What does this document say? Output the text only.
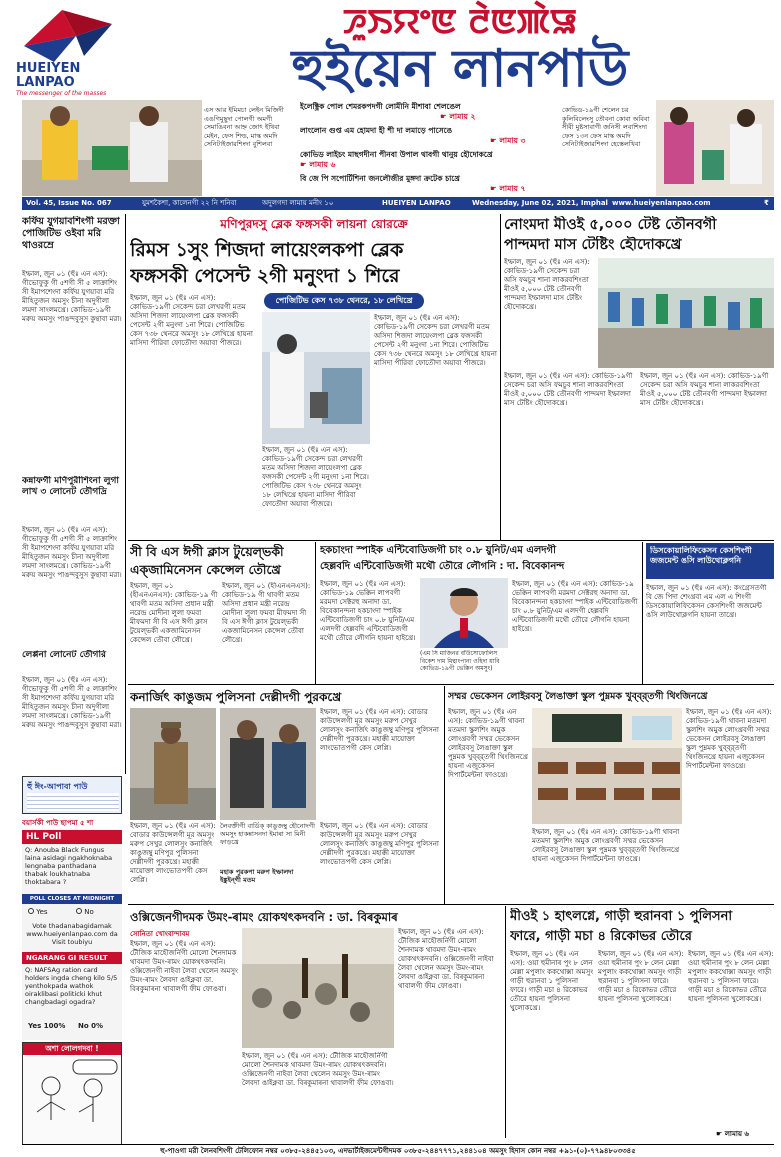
HUEIYEN LANPAO
The messenger of the masses
ꯍꯨꯏꯌꯦꯟ ꯂꯥꯟꯄꯥꯎ
হুইয়েন লানপাউ
এস আর ইমিমচা লেইন মিজিদী এঙগিমুছুদা পোলগী অমগী সেমাঙিবনা আহ্ন জোৎ ইথিবা মেইন, ফেস শিল্ড, মাস্ক অমদি সেনিটাইজারশিংদা বুশিলবা
ইলেক্ট্রিক পোল শেমরকপদগী লোমীনি মীশাবা শেলঙেল
☛ লামায় ২
লাংলোন গুপ্ত এম হোমদা হী শী দা লমাড়ে পাসেঙে
☛ লামায় ৩
কোভিড লাইচং মাছগদীনা পীনবা উপাল থাবগী থানুয় হৌদোকখ্রে
☛ লামায় ৬
বি জে পি সপোর্টিশিনা জনলৌজীর মুঙ্গদা ক্রটেক চাখ্ৰে
☛ লামায় ৭
কোভিড-১৯গী শেলেন চর কুলিবিলেংসু তৌবনা কোবা অবিবা সীবী মুষ্টসাবাগী জনিসী লবাশিংদা ফেস ১৩ন ফেস মাস্ক অমদি সেনিটাইজারশিংদা হেস্তেলখিবা
Vol. 45, Issue No. 067	যুমশকৈশা, কালেনগী ২২ নি শনিবা	অদুলগদা লামায় মনীং ১০	HUEIYEN LANPAO	Wednesday, June 02, 2021, Imphal www.hueiyenlanpao.com	₹ 4.50
কর্ফিয় যুগয়াবশিংগী মরক্তা পোজিটিভ ওইবা মরি থাওরম্রে
ইম্ফাল, জুন ০১ (হুঁঃ এন এস): গীভোফুকু গী ৫শগী সী ৫ লাক্রাশিং সী ইমাপশেংদা কর্ফিয় যুগয়াবা মরি মীহিতুজন অমসুং চীনা অদুগীলা লমদা সাংলমখ্রে। কোভিড-১৯গী মরুয় অমসুং পাঙন্দবুসুস কুন্থাবা মরা।
কন্নাফগী মণিপুরীশিংনা লুগা লাখ ৩ লোনেট তৌগদ্রি
ইম্ফাল, জুন ০১ (হুঁঃ এন এস): গীভোফুকু গী ৫শগী সী ৫ লাক্রাশিং সী ইমাপশেংদা কর্ফিয় যুগয়াবা মরি মীহিতুজন অমসুং চীনা অদুগীলা লমদা সাংলমখ্রে। কোভিড-১৯গী মরুয় অমসুং পাঙন্দবুসুস কুন্থাবা মরা।
লেপ্পনা লোনেট তৌগরি
ইম্ফাল, জুন ০১ (হুঁঃ এন এস): গীভোফুকু গী ৫শগী সী ৫ লাক্রাশিং সী ইমাপশেংদা কর্ফিয় যুগয়াবা মরি মীহিতুজন অমসুং চীনা অদুগীলা লমদা সাংলমখ্রে। কোভিড-১৯গী মরুয় অমসুং পাঙন্দবুসুস কুন্থাবা মরা।
হুঁ ঈং-আপাবা পাউ
বয়াৰ্সকী পাউ ছাপমা ৫ শা
HL Poll
Q: Anouba Black Fungus laina asidagi ngakhoknaba lengnaba panthadana thabak loukhatnaba thoktabara ?
POLL CLOSES AT MIDNIGHT
Yes	No
Vote thadanabagidamak www.hueiyenlanpao.com da Visit toubiyu
NGARANG GI RESULT
Q: NAFSAg ration card holders ingda cheng kilo 5/5 yenthokpada wathok oiraklibasi politicki khut changbadagi ogadra?
Yes 100%	No 0%
অশা লোলগদবা !
মণিপুরদসু ব্লেক ফঙ্গসকী লায়না য়োরক্রে
রিমস ১সুং শিজদা লায়েংলকপা ব্লেক
ফঙ্গসকী পেসেন্ট ২গী মনুংদা ১ শিরে
পোজিটিভ কেস ৭৩৮ থেনরে, ১৮ লেখিখ্রে
ইম্ফাল, জুন ০১ (হুঁঃ এন এস): কোভিড-১৯গী সেকেন্দ চরা লেখরগী মতম অসিদা শিজদা লায়েংলপা ব্লেক ফঙ্গসকী পেসেন্ট ২গী মনুংদা ১না শিরে। পোজিটিভ কেস ৭৩৮ থেনরে অমসুং ১৮ লেখিখ্রে হায়না মাসিদা পীরিবা ফোতৌদা অয়াবা পীজরে।
ইম্ফাল, জুন ০১ (হুঁঃ এন এস): কোভিড-১৯গী সেকেন্দ চরা লেখরগী মতম অসিদা শিজদা লায়েংলপা ব্লেক ফঙ্গসকী পেসেন্ট ২গী মনুংদা ১না শিরে। পোজিটিভ কেস ৭৩৮ থেনরে অমসুং ১৮ লেখিখ্রে হায়না মাসিদা পীরিবা ফোতৌদা অয়াবা পীজরে।
ইম্ফাল, জুন ০১ (হুঁঃ এন এস): কোভিড-১৯গী সেকেন্দ চরা লেখরগী মতম অসিদা শিজদা লায়েংলপা ব্লেক ফঙ্গসকী পেসেন্ট ২গী মনুংদা ১না শিরে। পোজিটিভ কেস ৭৩৮ থেনরে অমসুং ১৮ লেখিখ্রে হায়না মাসিদা পীরিবা ফোতৌদা অয়াবা পীজরে।
নোংমদা মীওই ৫,০০০ টেষ্ট তৌনবগী
পান্দমদা মাস টেষ্টিং হৌদোকখ্রে
ইম্ফাল, জুন ০১ (হুঁঃ এন এস): কোভিড-১৯গী সেকেন্দ চরা অসি ফমচুব শানা লাকরবশিংতা মীওই ৫,০০০ টেষ্ট তৌনবগী পান্দমদা ইম্ফালদা মাস টেষ্টিং হৌদোকখ্রে।
ইম্ফাল, জুন ০১ (হুঁঃ এন এস): কোভিড-১৯গী সেকেন্দ চরা অসি ফমচুব শানা লাকরবশিংতা মীওই ৫,০০০ টেষ্ট তৌনবগী পান্দমদা ইম্ফালদা মাস টেষ্টিং হৌদোকখ্রে।
ইম্ফাল, জুন ০১ (হুঁঃ এন এস): কোভিড-১৯গী সেকেন্দ চরা অসি ফমচুব শানা লাকরবশিংতা মীওই ৫,০০০ টেষ্ট তৌনবগী পান্দমদা ইম্ফালদা মাস টেষ্টিং হৌদোকখ্রে।
সী বি এস ঈগী ক্লাস টুয়েল্ভকী
এক্জামিনেসন কেন্সেল তৌখ্রে
ইম্ফাল, জুন ০১ (হীএনএনএস): কোভিড-১৯ গী থাবগী মতম অসিদা প্রধান মন্ত্রী নরেন্দ্র মোদীনা লুলা ফমবা মীফমদা সী বি এস ঈগী ক্লাস টুয়েল্ভকী একজামিনেসন কেন্সেল তৌবা লৌখ্রে।
ইম্ফাল, জুন ০১ (হীএনএনএস): কোভিড-১৯ গী থাবগী মতম অসিদা প্রধান মন্ত্রী নরেন্দ্র মোদীনা লুলা ফমবা মীফমদা সী বি এস ঈগী ক্লাস টুয়েল্ভকী একজামিনেসন কেন্সেল তৌবা লৌখ্রে।
হকচাংদা স্পাইক এন্টিবোডিজগী চাং ০.৮ য়ুনিট/এম এলদগী
হেল্লবদি এন্টিবোডিজগী মথৌ তৌরে লৌগনি : দা. বিবেকানন্দ
ইম্ফাল, জুন ০১ (হুঁঃ এন এস): কোভিড-১৯ ভেক্কিন লাপবগী মরমদা সেক্টরহু অনাদা ডা. বিবেকানন্দনা হকচাংদা স্পাইক এন্টিবোডিজগী চাং ০.৮ য়ুনিট/এম এলদগী হেল্লবদি এন্টিবোডিজগী মথৌ তৌরে লৌগনি হায়না হাইখ্রে।
(এম সি মাজিনর বাঁউসোফোলিস বিকেশ দাম মিন্থাংপানা ওহিদা য়াবি কোভিড-১৯গী ভেক্কিন অমসুং)
ইম্ফাল, জুন ০১ (হুঁঃ এন এস): কোভিড-১৯ ভেক্কিন লাপবগী মরমদা সেক্টরহু অনাদা ডা. বিবেকানন্দনা হকচাংদা স্পাইক এন্টিবোডিজগী চাং ০.৮ য়ুনিট/এম এলদগী হেল্লবদি এন্টিবোডিজগী মথৌ তৌরে লৌগনি হায়না হাইখ্রে।
ডিসকোয়ালিফিকেসন কেসশিংগী জজমেন্ট ঙসি লাউথোক্লগনি
ইম্ফাল, জুন ০১ (হুঁঃ এন এস): কংগ্রেসতগী বি জে পিদা শেংখ্রবা এম এল এ শিংগী ডিসকোয়ালিফিকেসন কেসশিংগী জজমেন্ট ঙসি লাউথোক্লগনি হায়না তাখ্রে।
কনার্জিৎ কাঙুজম পুলিসনা দেল্লীদগী পুরকখ্রে
ইম্ফাল, জুন ০১ (হুঁঃ এন এস): বোডার কাউন্সেলগী মূর অমসুং মরুপ সেখুর লোলসুং কনার্জিৎ কাঙুজম্বু মণিপুর পুলিসনা দেল্লীদগী পুরকখ্রে। মহাক্কী মায়োক্তা লাংভোতপগী কেস লেপ্লি।
লৈবক্তীগী বাৰ্ডিক্ কাঙুজম্বু হৌনোদগী অমসুং হাকন্নাসনদা ইমাৰা সা মিনী ফাড়খ্রে
ইম্ফাল, জুন ০১ (হুঁঃ এন এস): বোডার কাউন্সেলগী মূর অমসুং মরুপ সেখুর লোলসুং কনার্জিৎ কাঙুজম্বু মণিপুর পুলিসনা দেল্লীদগী পুরকখ্রে। মহাক্কী মায়োক্তা লাংভোতপগী কেস লেপ্লি।
মহাক পুরকপা মরুপ ইম্ফালদা ইঙ্কুইন্গী মতম
ইম্ফাল, জুন ০১ (হুঁঃ এন এস): বোডার কাউন্সেলগী মূর অমসুং মরুপ সেখুর লোলসুং কনার্জিৎ কাঙুজম্বু মণিপুর পুলিসনা দেল্লীদগী পুরকখ্রে। মহাক্কী মায়োক্তা লাংভোতপগী কেস লেপ্লি।
সম্মর ভেকেসন লোইরবসু লৈঙাক্তা স্কুল পুম্নমক খুব্ব্র্তগী থিংজিনখ্রে
ইম্ফাল, জুন ০১ (হুঁঃ এন এস): কোভিড-১৯গী থাবনা মতমদা স্কুলশিং অমুক লোংখ্রবগী সম্মর ভেকেসন লোইরবসু লৈঙাক্তা স্কুল পুম্নমক খুব্ব্র্তগী থিংজিনখ্রে হায়না এজুকেসন দিপার্টমেন্টনা ফাওখ্রে।
ইম্ফাল, জুন ০১ (হুঁঃ এন এস): কোভিড-১৯গী থাবনা মতমদা স্কুলশিং অমুক লোংখ্রবগী সম্মর ভেকেসন লোইরবসু লৈঙাক্তা স্কুল পুম্নমক খুব্ব্র্তগী থিংজিনখ্রে হায়না এজুকেসন দিপার্টমেন্টনা ফাওখ্রে।
ইম্ফাল, জুন ০১ (হুঁঃ এন এস): কোভিড-১৯গী থাবনা মতমদা স্কুলশিং অমুক লোংখ্রবগী সম্মর ভেকেসন লোইরবসু লৈঙাক্তা স্কুল পুম্নমক খুব্ব্র্তগী থিংজিনখ্রে হায়না এজুকেসন দিপার্টমেন্টনা ফাওখ্রে।
ওক্সিজেনগীদমক উমং-ৰামং য়োকথৎকদবনি : ডা. বিৰকুমাৰ
সোনিতা খোংবান্দাবম
ইম্ফাল, জুন ০১ (হুঁঃ এন এস): টৌজিক মাহৌজৰ্নিগী মোলো শৈনদামক থাবমদা উমং-ৰামং য়োকথৎকদবনি। ওক্সিজেনগী নাইবা লৈবা থেলেন অমসুং উমং-ৰামং লৈবদা ঙাইক্নবা ডা. বিৰকুমাৰনা থাবালগী ফীম ফোঙবা।
ইম্ফাল, জুন ০১ (হুঁঃ এন এস): টৌজিক মাহৌজৰ্নিগী মোলো শৈনদামক থাবমদা উমং-ৰামং য়োকথৎকদবনি। ওক্সিজেনগী নাইবা লৈবা থেলেন অমসুং উমং-ৰামং লৈবদা ঙাইক্নবা ডা. বিৰকুমাৰনা থাবালগী ফীম ফোঙবা।
ইম্ফাল, জুন ০১ (হুঁঃ এন এস): টৌজিক মাহৌজৰ্নিগী মোলো শৈনদামক থাবমদা উমং-ৰামং য়োকথৎকদবনি। ওক্সিজেনগী নাইবা লৈবা থেলেন অমসুং উমং-ৰামং লৈবদা ঙাইক্নবা ডা. বিৰকুমাৰনা থাবালগী ফীম ফোঙবা।
মীওই ১ হাৎলগ্নে, গাড়ী হুরানবা ১ পুলিসনা
ফারে, গাড়ী মচা ৪ রিকোভর তৌরে
ইম্ফাল, জুন ০১ (হুঁঃ এন এস): ওয়া হুমীনাৰ পুং ৮ লেন মেল্লা মপুলাং ককথোক্সা অমসুং গাড়ী হুরানবা ১ পুলিসনা ফারে। গাড়ী মচা ৪ রিকোভর তৌরে হায়না পুলিসনা খুলোকখ্রে।
ইম্ফাল, জুন ০১ (হুঁঃ এন এস): ওয়া হুমীনাৰ পুং ৮ লেন মেল্লা মপুলাং ককথোক্সা অমসুং গাড়ী হুরানবা ১ পুলিসনা ফারে। গাড়ী মচা ৪ রিকোভর তৌরে হায়না পুলিসনা খুলোকখ্রে।
ইম্ফাল, জুন ০১ (হুঁঃ এন এস): ওয়া হুমীনাৰ পুং ৮ লেন মেল্লা মপুলাং ককথোক্সা অমসুং গাড়ী হুরানবা ১ পুলিসনা ফারে। গাড়ী মচা ৪ রিকোভর তৌরে হায়না পুলিসনা খুলোকখ্রে।
☛ লামায় ৬
হু-পাওগা মরী লৈনবশিংগী টেলিফোন নম্বর ০৩৮৫-২৪৪৫১০৩, এদভার্টাইজমেন্টগীদমক ০৩৮৫-২৪৪৭৭৭১,২৪৪১০৪ অমসুং হিদাস কোন নম্বর +৯১-(০)-৭৭৯৪৮০৩৩৪৫
